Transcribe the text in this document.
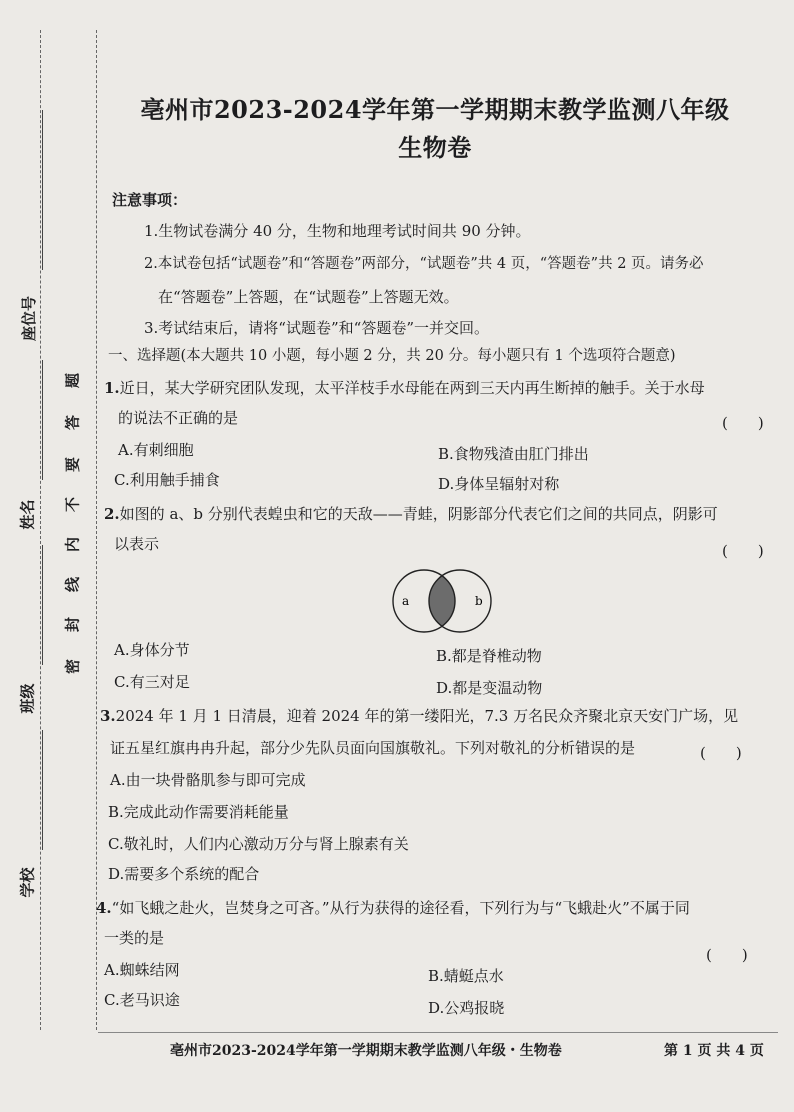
座位号
姓名
班级
学校
题
答
要
不
内
线
封
密
亳州市2023-2024学年第一学期期末教学监测八年级
生物卷
注意事项：
1.生物试卷满分 40 分，生物和地理考试时间共 90 分钟。
2.本试卷包括“试题卷”和“答题卷”两部分，“试题卷”共 4 页，“答题卷”共 2 页。请务必
在“答题卷”上答题，在“试题卷”上答题无效。
3.考试结束后，请将“试题卷”和“答题卷”一并交回。
一、选择题(本大题共 10 小题，每小题 2 分，共 20 分。每小题只有 1 个选项符合题意)
1.近日，某大学研究团队发现，太平洋枝手水母能在两到三天内再生断掉的触手。关于水母
的说法不正确的是	(　　)
A.有刺细胞	B.食物残渣由肛门排出
C.利用触手捕食	D.身体呈辐射对称
2.如图的 a、b 分别代表蝗虫和它的天敌——青蛙，阴影部分代表它们之间的共同点，阴影可
以表示	(　　)
a	b
A.身体分节	B.都是脊椎动物
C.有三对足	D.都是变温动物
3.2024 年 1 月 1 日清晨，迎着 2024 年的第一缕阳光，7.3 万名民众齐聚北京天安门广场，见
证五星红旗冉冉升起，部分少先队员面向国旗敬礼。下列对敬礼的分析错误的是	(　　)
A.由一块骨骼肌参与即可完成
B.完成此动作需要消耗能量
C.敬礼时，人们内心激动万分与肾上腺素有关
D.需要多个系统的配合
4.“如飞蛾之赴火，岂焚身之可吝。”从行为获得的途径看，下列行为与“飞蛾赴火”不属于同
一类的是
(　　)
A.蜘蛛结网	B.蜻蜓点水
C.老马识途	D.公鸡报晓
亳州市2023-2024学年第一学期期末教学监测八年级・生物卷	第 1 页 共 4 页
